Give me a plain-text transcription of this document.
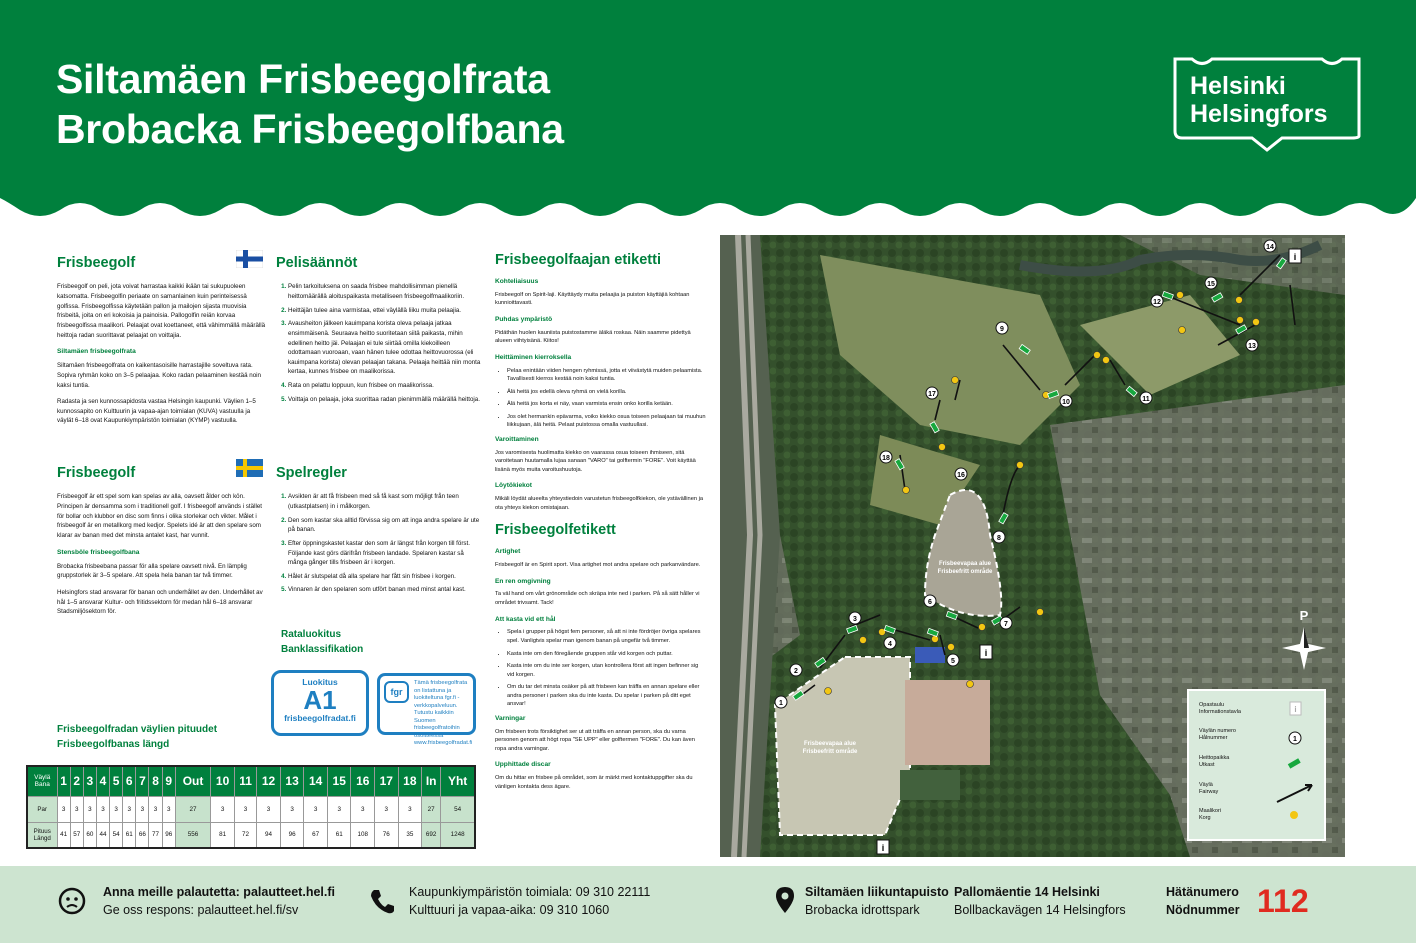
Siltamäen Frisbeegolfrata
Brobacka Frisbeegolfbana
Helsinki
Helsingfors
Frisbeegolf
Frisbeegolf on peli, jota voivat harrastaa kaikki ikään tai sukupuoleen katsomatta. Frisbeegolfin periaate on samanlainen kuin perinteisessä golfissa. Frisbeegolfissa käytetään pallon ja mailojen sijasta muovisia frisbeitä, joita on eri kokoisia ja painoisia. Pallogolfin reiän korvaa frisbeegolfissa maalikori. Pelaajat ovat koettaneet, että vähimmällä määrällä heittoja radan suorittavat pelaajat on voittajia.
Siltamäen frisbeegolfrata
Siltamäen frisbeegolfrata on kaikentasoisille harrastajille soveltuva rata. Sopiva ryhmän koko on 3–5 pelaajaa. Koko radan pelaaminen kestää noin kaksi tuntia.
Radasta ja sen kunnossapidosta vastaa Helsingin kaupunki. Väylien 1–5 kunnossapito on Kulttuurin ja vapaa-ajan toimialan (KUVA) vastuulla ja väylät 6–18 ovat Kaupunkiympäristön toimialan (KYMP) vastuulla.
Frisbeegolf
Frisbeegolf är ett spel som kan spelas av alla, oavsett ålder och kön. Principen är densamma som i traditionell golf. I frisbeegolf används i stället för bollar och klubbor en disc som finns i olika storlekar och vikter. Målet i frisbeegolf är en metallkorg med kedjor. Spelets idé är att den spelare som klarar av banan med det minsta antalet kast, har vunnit.
Stensböle frisbeegolfbana
Brobacka frisbeebana passar för alla spelare oavsett nivå. En lämplig gruppstorlek är 3–5 spelare. Att spela hela banan tar två timmer.
Helsingfors stad ansvarar för banan och underhållet av den. Underhållet av hål 1–5 ansvarar Kultur- och fritidssektorn för medan hål 6–18 ansvarar Stadsmiljösektorn för.
Frisbeegolfradan väylien pituudet
Frisbeegolfbanas längd
Pelisäännöt
1. Pelin tarkoituksena on saada frisbee mahdollisimman pienellä heittomäärällä aloituspaikasta metalliseen frisbeegolfmaalikoriin.
2. Heittäjän tulee aina varmistaa, ettei väylällä liiku muita pelaajia.
3. Avausheiton jälkeen kauimpana korista oleva pelaaja jatkaa ensimmäisenä. Seuraava heitto suoritetaan siitä paikasta, mihin edellinen heitto jäi. Pelaajan ei tule siirtää omilla kiekoilleen odottamaan vuoroaan, vaan hänen tulee odottaa heittovuorossa (eli kauimpana korista) olevan pelaajan takana. Pelaaja heittää niin monta kertaa, kunnes frisbee on maalikorissa.
4. Rata on pelattu loppuun, kun frisbee on maalikorissa.
5. Voittaja on pelaaja, joka suorittaa radan pienimmällä määrällä heittoja.
Spelregler
1. Avsikten är att få frisbeen med så få kast som möjligt från teen (utkastplatsen) in i målkorgen.
2. Den som kastar ska alltid förvissa sig om att inga andra spelare är ute på banan.
3. Efter öppningskastet kastar den som är längst från korgen till först. Följande kast görs därifrån frisbeen landade. Spelaren kastar så många gånger tills frisbeen är i korgen.
4. Hålet är slutspelat då alla spelare har fått sin frisbee i korgen.
5. Vinnaren är den spelaren som utfört banan med minst antal kast.
Rataluokitus
Banklassifikation
Luokitus
A1
frisbeegolfradat.fi
fgr
Tämä frisbeegolfrata on listattuna ja luokiteltuna fgr.fi -verkkopalveluun. Tutustu kaikkiin Suomen frisbeegolfratoihin osoitteessa www.frisbeegolfradat.fi
Frisbeegolfaajan etiketti
Kohteliaisuus
Frisbeegolf on Spirit-laji. Käyttäydy muita pelaajia ja puiston käyttäjiä kohtaan kunnioittavasti.
Puhdas ympäristö
Pidäthän huolen kauniista puistostamme äläkä roskaa. Näin saamme pidettyä alueen viihtyisänä. Kiitos!
Heittäminen kierroksella
• Pelaa enintään viiden hengen ryhmissä, jotta et viivästytä muiden pelaamista. Tavallisesti kierros kestää noin kaksi tuntia.
• Älä heitä jos edellä oleva ryhmä on vielä korilla.
• Älä heitä jos korta ei näy, vaan varmista ensin onko korilla ketään.
• Jos olet hermankin epävarma, voiko kiekko osua toiseen pelaajaan tai muuhun liikkujaan, älä heitä. Pelaat puistossa omalla vastuullasi.
Varoittaminen
Jos varomisesta huolimatta kiekko on vaarassa osua toiseen ihmiseen, sitä varoitetaan huutamalla lujaa sanaan "VARO" tai golftermin "FORE". Voit käyttää lisänä myös muita varoitushuutoja.
Löytökiekot
Mikäli löydät alueelta yhteystiedoin varustetun frisbeegolfkiekon, ole ystävällinen ja ota yhteys kiekon omistajaan.
Frisbeegolfetikett
Artighet
Frisbeegolf är en Spirit sport. Visa artighet mot andra spelare och parkanvändare.
En ren omgivning
Ta väl hand om vårt grönområde och skräpa inte ned i parken. På så sätt håller vi området trivsamt. Tack!
Att kasta vid ett hål
• Spela i grupper på högst fem personer, så att ni inte fördröjer övriga spelares spel. Vanligtvis spelar man igenom banan på ungefär två timmer.
• Kasta inte om den föregående gruppen står vid korgen och puttar.
• Kasta inte om du inte ser korgen, utan kontrollera först att ingen befinner sig vid korgen.
• Om du tar det minsta osäker på att frisbeen kan träffa en annan spelare eller andra personer i parken ska du inte kasta. Du spelar i parken på ditt eget ansvar!
Varningar
Om frisbeen trots försiktighet ser ut att träffa en annan person, ska du varna personen genom att högt ropa "SE UPP" eller golftermen "FORE". Du kan även ropa andra varningar.
Upphittade discar
Om du hittar en frisbee på området, som är märkt med kontaktuppgifter ska du vänligen kontakta dess ägare.
Väylä
Bana	1	2	3	4	5	6	7	8	9	Out	10	11	12	13	14	15	16	17	18	In	Yht
Par	3	3	3	3	3	3	3	3	3	27	3	3	3	3	3	3	3	3	3	27	54

Pituus
Längd	41	57	60	44	54	61	66	77	96	556	81	72	94	96	67	61	108	76	35	692	1248
Frisbeevapaa alue
Frisbeefritt område
Frisbeevapaa alue
Frisbeefritt område
1
2
3
4
5
6
7
8
9
10	11
12
13
14
15
16
17
18
i
i
i
P
Opastaulu
Informationstavla
Väylän numero
Hålnummer
Heittopaikka
Utkast
Väylä
Fairway
Maalikori
Korg
i
1
Anna meille palautetta: palautteet.hel.fi
Ge oss respons: palautteet.hel.fi/sv
Kaupunkiympäristön toimiala: 09 310 22111
Kulttuuri ja vapaa-aika: 09 310 1060
Siltamäen liikuntapuisto
Brobacka idrottspark
Pallomäentie 14 Helsinki
Bollbackavägen 14 Helsingfors
Hätänumero
Nödnummer 112
